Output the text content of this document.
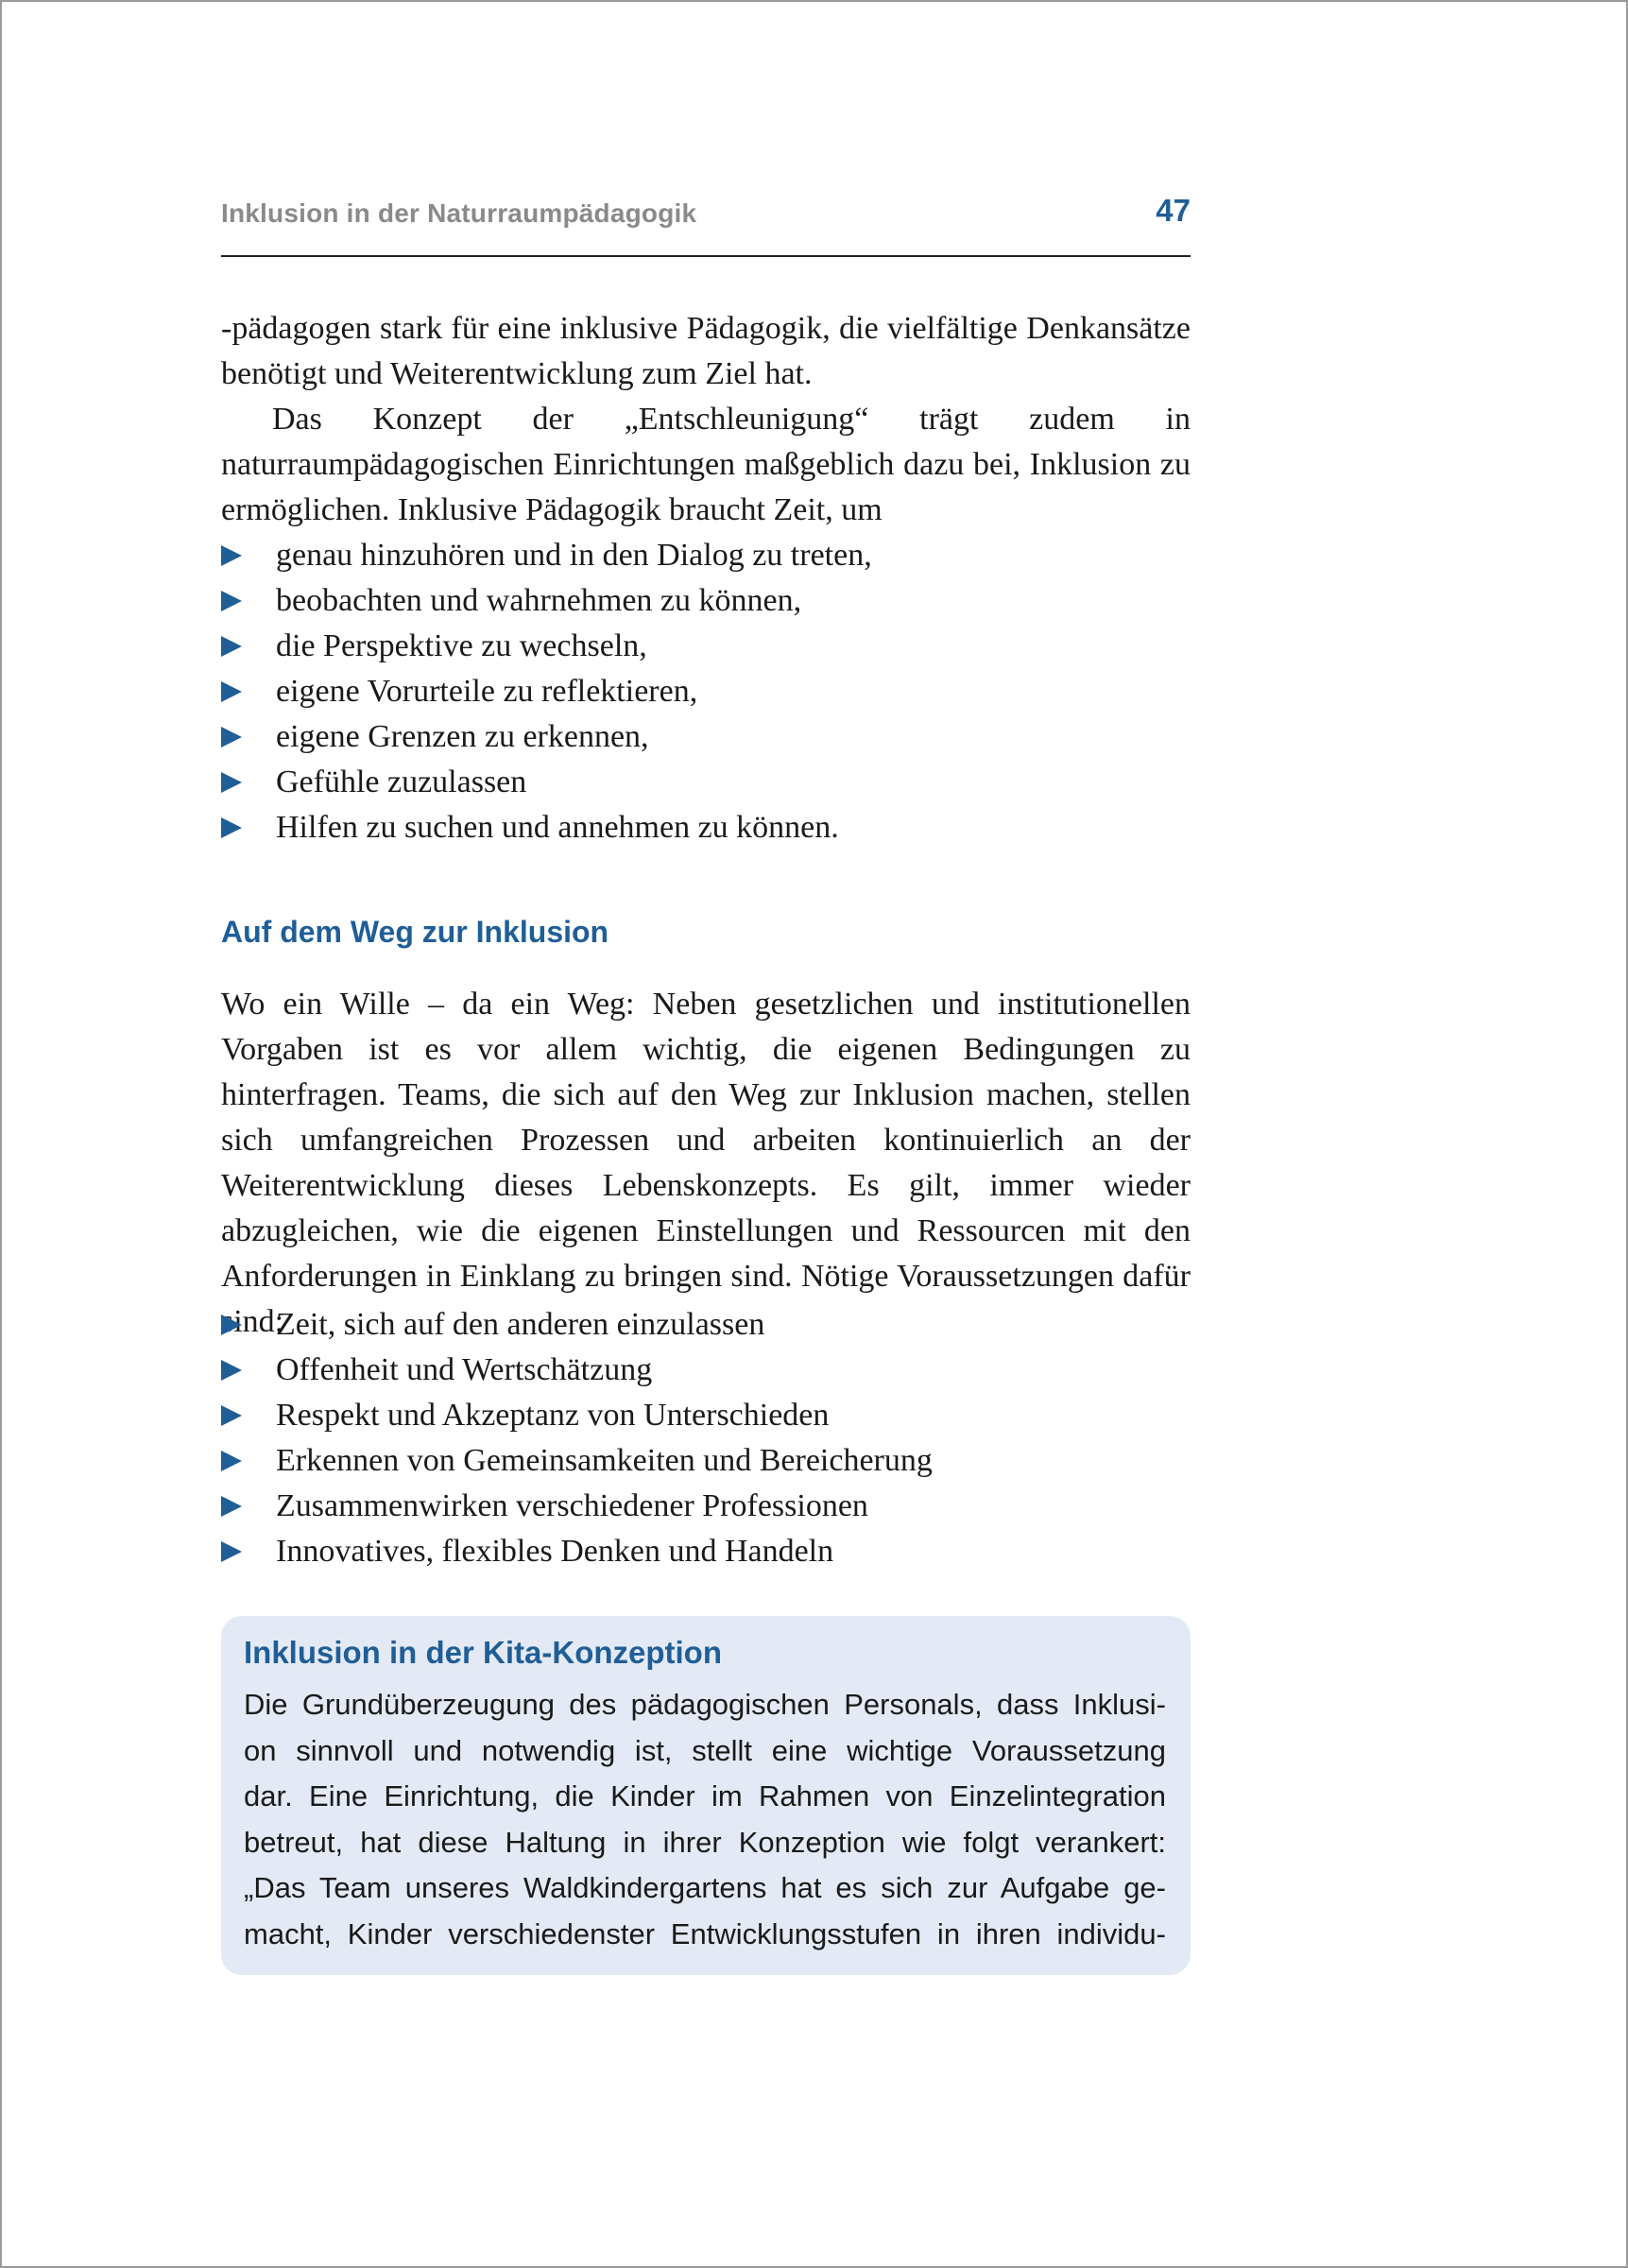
Inklusion in der Naturraumpädagogik	47

-pädagogen stark für eine inklusive Pädagogik, die vielfältige Denkansätze benötigt und Weiterentwicklung zum Ziel hat.

Das Konzept der „Entschleunigung“ trägt zudem in naturraumpädagogischen Einrichtungen maßgeblich dazu bei, Inklusion zu ermöglichen. Inklusive Pädagogik braucht Zeit, um

genau hinzuhören und in den Dialog zu treten,
beobachten und wahrnehmen zu können,
die Perspektive zu wechseln,
eigene Vorurteile zu reflektieren,
eigene Grenzen zu erkennen,
Gefühle zuzulassen
Hilfen zu suchen und annehmen zu können.
Auf dem Weg zur Inklusion

Wo ein Wille – da ein Weg: Neben gesetzlichen und institutionellen Vorgaben ist es vor allem wichtig, die eigenen Bedingungen zu hinterfragen. Teams, die sich auf den Weg zur Inklusion machen, stellen sich umfangreichen Prozessen und arbeiten kontinuierlich an der Weiterentwicklung dieses Lebenskonzepts. Es gilt, immer wieder abzugleichen, wie die eigenen Einstellungen und Ressourcen mit den Anforderungen in Einklang zu bringen sind. Nötige Voraussetzungen dafür sind:

Zeit, sich auf den anderen einzulassen
Offenheit und Wertschätzung
Respekt und Akzeptanz von Unterschieden
Erkennen von Gemeinsamkeiten und Bereicherung
Zusammenwirken verschiedener Professionen
Innovatives, flexibles Denken und Handeln
Inklusion in der Kita-Konzeption
Die Grundüberzeugung des pädagogischen Personals, dass Inklusi-
on sinnvoll und notwendig ist, stellt eine wichtige Voraussetzung
dar. Eine Einrichtung, die Kinder im Rahmen von Einzelintegration
betreut, hat diese Haltung in ihrer Konzeption wie folgt verankert:
„Das Team unseres Waldkindergartens hat es sich zur Aufgabe ge-
macht, Kinder verschiedenster Entwicklungsstufen in ihren individu-
